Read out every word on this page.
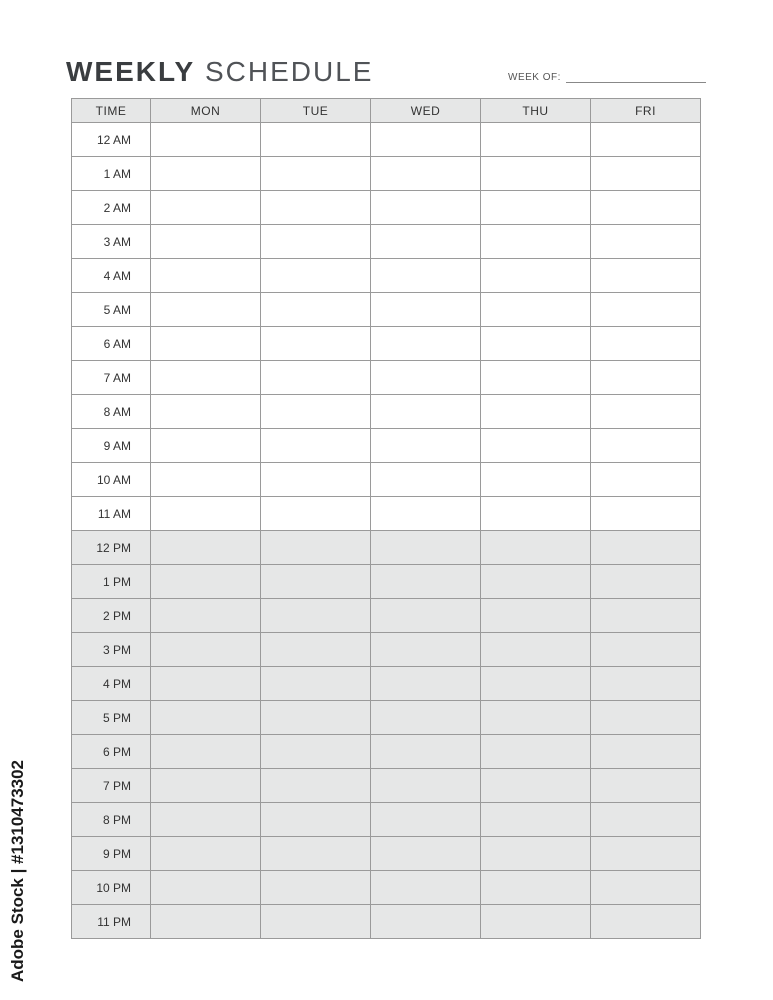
WEEKLY SCHEDULE	WEEK OF:
TIME	MON	TUE	WED	THU	FRI
12 AM					
1 AM					
2 AM					
3 AM					
4 AM					
5 AM					
6 AM					
7 AM					
8 AM					
9 AM					
10 AM					
11 AM					
12 PM					
1 PM					
2 PM					
3 PM					
4 PM					
5 PM					
6 PM					
7 PM					
8 PM					
9 PM					
10 PM					
11 PM					
Adobe Stock | #1310473302
